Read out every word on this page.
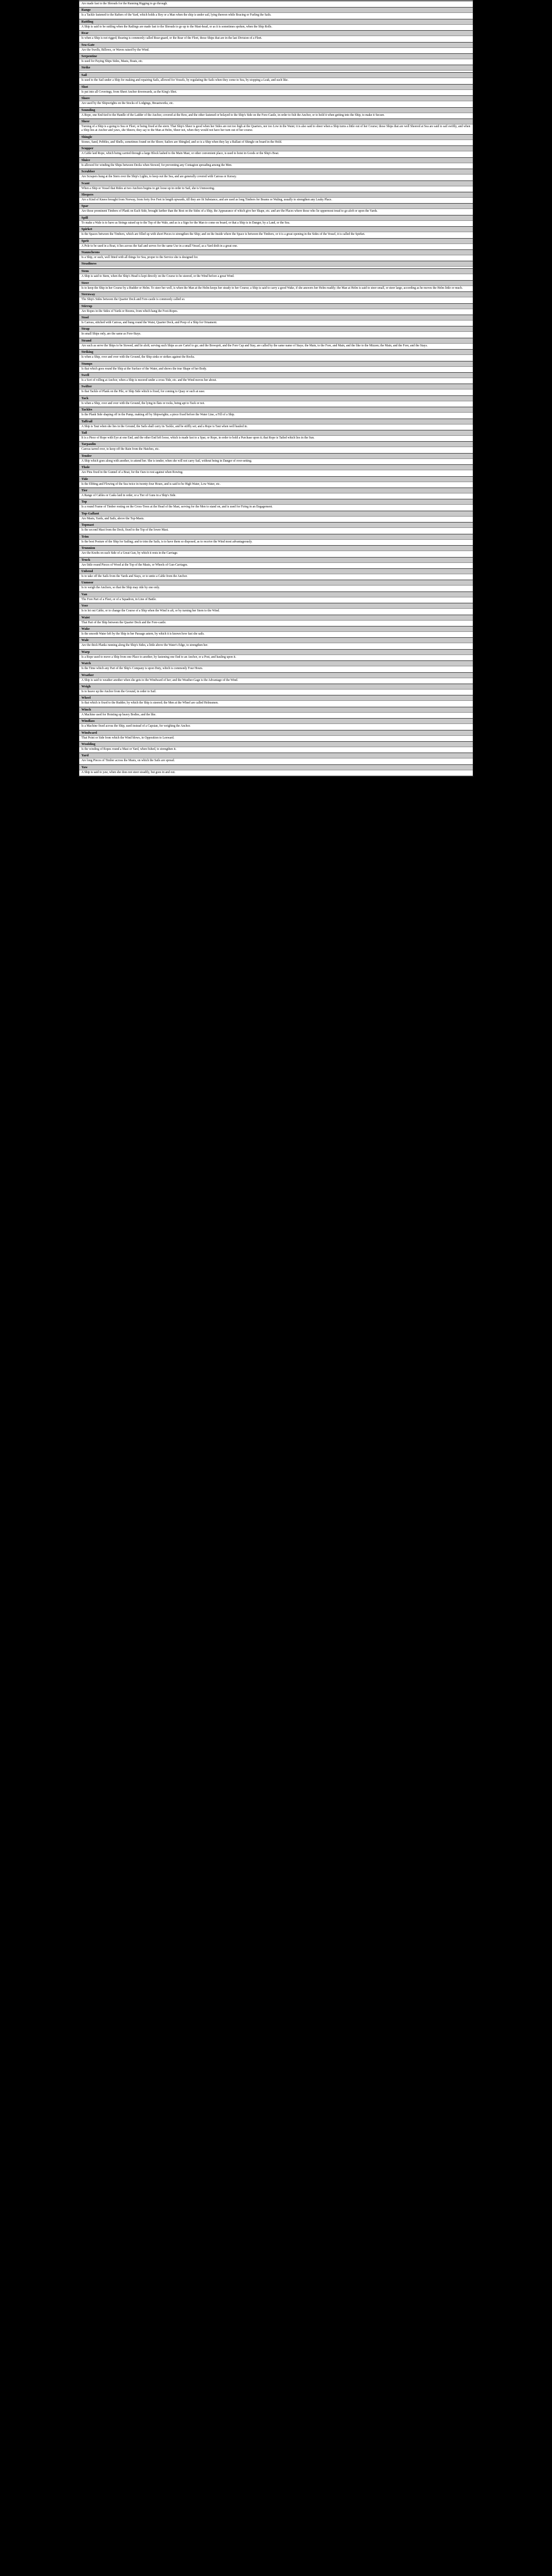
Are made fast to the Shrouds for the Running Rigging to go through.
Range
Is a Tackle fastened to the Rafters of the Yard, which holds a Boy or a Man when the ship is under sail, lying thereon while Bracing or Furling the Sails.
Rattling
A Ship is said to be rattling when the Ratlings are made fast to the Shrouds to go up to the Mast-head, or as it is sometimes spoken, when the Ship Rolls.
Rear
Is when a Ship is not rigged; Rearing is commonly called Rear-guard, or the Rear of the Fleet, those Ships that are in the last Division of a Fleet.
Sea-Gate
Are the Swells, Billows, or Waves raised by the Wind.
Serpentine
Is used for Paying Ships Sides, Masts, Boats, etc.
Strike
Sail
Is used to the Sail under a Ship for making and repairing Sails, allowed for Vessels, by regulating the Sails when they come to Sea, by stopping a Leak, and such like.
Shot
Is put into all Coverings, from Sheet Anchor downwards, as the King's Shot.
Shore
Are used by the Shipwrights on the Stocks of Lodgings, Breastworks, etc.
Sounding
A Rope, one End tied to the Handle of the Ladder of the Anchor, covered at the Bow, and the other fastened or belayed to the Ship's Side on the Fore-Castle, in order to fish the Anchor, or to hold it when getting into the Ship, to make it Secure.
Sheer
Turning of a Ship is a going to Sea or Fleet, or being fixed at the stern. That Ship's Sheer is good when her Sides are not too high at the Quarters, nor too Low in the Waist; it is also said to sheer when a Ship turns a little out of her Course; those Ships that are well Sheered at Sea are said to sail swiftly, and when a Ship lies at Anchor and yaws, she Sheers; they say to the Man at Helm, Sheer not, when they would not have her turn out of her course.
Shingle
Stones, Sand, Pebbles, and Shells, sometimes found on the Shore; Sailors are Shingled, and so is a Ship when they lay a Ballast of Shingle on board in the Hold.
Scupper
A Cable laid Rope, which being carried through a large Block lashed to the Main Mast, or other convenient place, is used to hoist in Goods or the Ship's Boat.
Sluice
Is allowed for winding the Ships between Decks when Stowed, for preventing any Contagion spreading among the Men.
Scrubber
Are Scrapers hung at the Stern over the Ship's Lights, to keep out the Sea, and are generally covered with Canvas or Kersey.
Scant
When a Ship or Vessel that Rides at two Anchors begins to get loose up in order to Sail, she is Unmooring.
Sleepers
Are a Kind of Knees brought from Norway, from forty five Feet in length upwards, till they are fit Substance, and are used as long Timbers for Beams or Waling, usually to strengthen any Leaky Place.
Spar
Are those prominent Timbers of Plank on Each Side, brought farther than the Rest on the Sides of a Ship, the Appearance of which give her Shape, etc. and are the Places where those who lie uppermost tread to go aloft or upon the Yards.
Spill
To make a Wale is to have as Strings raised up to the Top of the Wale, and as is a Sign for the Man to come on board, or that a Ship is in Danger, by a Land, or the Sea.
Spirket
Is the Spaces between the Timbers, which are filled up with short Pieces to strengthen the Ship; and on the Inside where the Space is between the Timbers, or it is a great opening in the Sides of the Vessel, it is called the Spirket.
Sprit
A Pole to be used in a Boat, it lies across the Sail and serves for the same Use in a small Vessel, as a Yard doth in a great one.
Stauncheons
Is a Ship, or such, well fitted with all things for Sea, proper to the Service she is designed for.
Steadiness
Stem
A Ship is said to Stem, when the Ship's Head is kept directly on the Course to be steered, or the Wind before a great Wind.
Steer
Is to keep the Ship in her Course by a Rudder or Helm. To steer her well, is when the Man at the Helm keeps her steady to her Course; a Ship is said to carry a good Wake, if she answers her Helm readily; the Man at Helm is said to steer small, or steer large, according as he moves the Helm little or much.
Sternway
The Ship's Sides between the Quarter Deck and Fore-castle is commonly called so.
Stirrup
Are Ropes in the Sides of Yards or Booms, from which hang the Foot-Ropes.
Stool
Is Canvas, stitched with Canvas, and hung round the Waist, Quarter Deck, and Poop of a Ship for Ornament.
Strap
In small Ships only, are the same as Fore-Stays.
Strand
Are such as serve the Ships to be Stowed, and lie aloft; serving such Ships as are Cartel to go; and the Bowsprit, and the Fore Cap and Stay, are called by the same name of Stays; the Main, to the Fore, and Main, and the like to the Mizzen; the Main, and the Fore, and the Stays.
Striking
Is when a Ship, over and over with the Ground, the Ship sinks or strikes against the Rocks.
Stumps
Is that which goes round the Ship at the Surface of the Water, and shows the true Shape of her Body.
Swell
Is a Sort of rolling at Anchor, when a Ship is moored under a cross Tide, etc. and the Wind moves her about.
Swifter
Is that Tackle of Plank on the Pile, or Ship Side which is fixed, for coming to Quay or such at ease.
Tack
Is when a Ship, over and over with the Ground, the lying in flats or rocks, being apt to Tack or not.
Tackles
Is the Plank Side shaping off in the Pump, making off by Shipwrights; a piece fixed before the Water Line, a Fill of a Ship.
Taffrail
A Ship is Taut when she lies in the Ground, the Sails shall carry its Tackle, and be stiffly set; and a Rope is Taut when well hauled in.
Tail
It is a Piece of Rope with Eye at one End, and the other End left loose, which is made fast to a Spar, or Rope, in order to hold a Purchase upon it; that Rope is Tailed which lies in the Sun.
Tarpaulin
Canvas tarred over, to keep off the Rain from the Hatches, etc.
Tender
A Ship which goes along with another, to attend her. She is tender, when she will not carry Sail, without being in Danger of over-setting.
Thole
Are Pins fixed in the Gunnel of a Boat, for the Oars to rest against when Rowing.
Tide
Is the Ebbing and Flowing of the Sea twice in twenty-four Hours, and is said to be High Water, Low Water, etc.
Tier
A Range of Cables or Casks laid in order, or a Tier of Guns in a Ship's Side.
Top
Is a round Frame of Timber resting on the Cross-Trees at the Head of the Mast, serving for the Men to stand on, and is used for Firing in an Engagement.
Top-Gallant
Are Masts, Yards, and Sails, above the Top-Masts.
Topmast
Is the second Mast from the Deck, fixed to the Top of the lower Mast.
Trim
Is the best Posture of the Ship for Sailing; and to trim the Sails, is to have them so disposed, as to receive the Wind most advantageously.
Trunnion
Are the Knobs on each Side of a Great Gun, by which it rests in the Carriage.
Truck
Are little round Pieces of Wood at the Top of the Masts, or Wheels of Gun-Carriages.
Unbend
Is to take off the Sails from the Yards and Stays, or to untie a Cable from the Anchor.
Unmoor
Is to weigh the Anchors, so that the Ship may ride by one only.
Van
The Fore Part of a Fleet, or of a Squadron, in Line of Battle.
Veer
Is to let out Cable, or to change the Course of a Ship when the Wind is aft, or by turning her Stern to the Wind.
Waist
That Part of the Ship between the Quarter Deck and the Fore-castle.
Wake
Is the smooth Water left by the Ship in her Passage astern, by which it is known how fast she sails.
Wale
Are the thick Planks running along the Ship's Sides, a little above the Water's Edge, to strengthen her.
Warp
Is a Rope used to move a Ship from one Place to another, by fastening one End to an Anchor, or a Post, and hauling upon it.
Watch
Is the Time which any Part of the Ship's Company is upon Duty, which is commonly Four Hours.
Weather
A Ship is said to weather another when she gets to the Windward of her; and the Weather-Gage is the Advantage of the Wind.
Weigh
Is to heave up the Anchor from the Ground, in order to Sail.
Wheel
Is that which is fixed to the Rudder, by which the Ship is steered; the Men at the Wheel are called Helmsmen.
Winch
A Machine used for Hoisting up heavy Bodies, and the like.
Windlass
Is a Machine fixed across the Ship, used instead of a Capstan, for weighing the Anchor.
Windward
That Point or Side from which the Wind blows, in Opposition to Leeward.
Woolding
Is the winding of Ropes round a Mast or Yard, when fished, to strengthen it.
Yard
Are long Pieces of Timber across the Masts, on which the Sails are spread.
Yaw
A Ship is said to yaw, when she does not steer steadily, but goes in and out.
